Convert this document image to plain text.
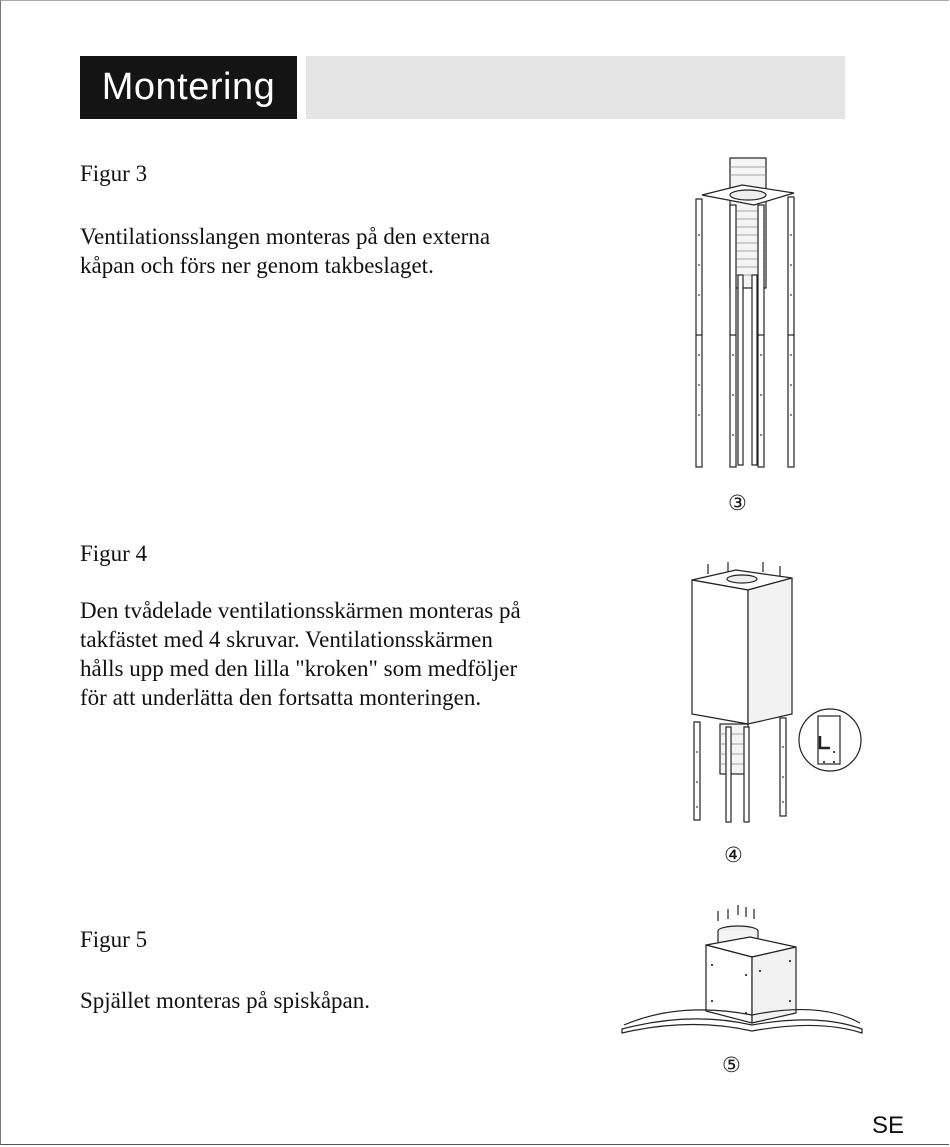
Montering
Figur 3
Ventilationsslangen monteras på den externa
kåpan och förs ner genom takbeslaget.
③
Figur 4
Den tvådelade ventilationsskärmen monteras på
takfästet med 4 skruvar. Ventilationsskärmen
hålls upp med den lilla "kroken" som medföljer
för att underlätta den fortsatta monteringen.
④
Figur 5
Spjället monteras på spiskåpan.
⑤
SE
